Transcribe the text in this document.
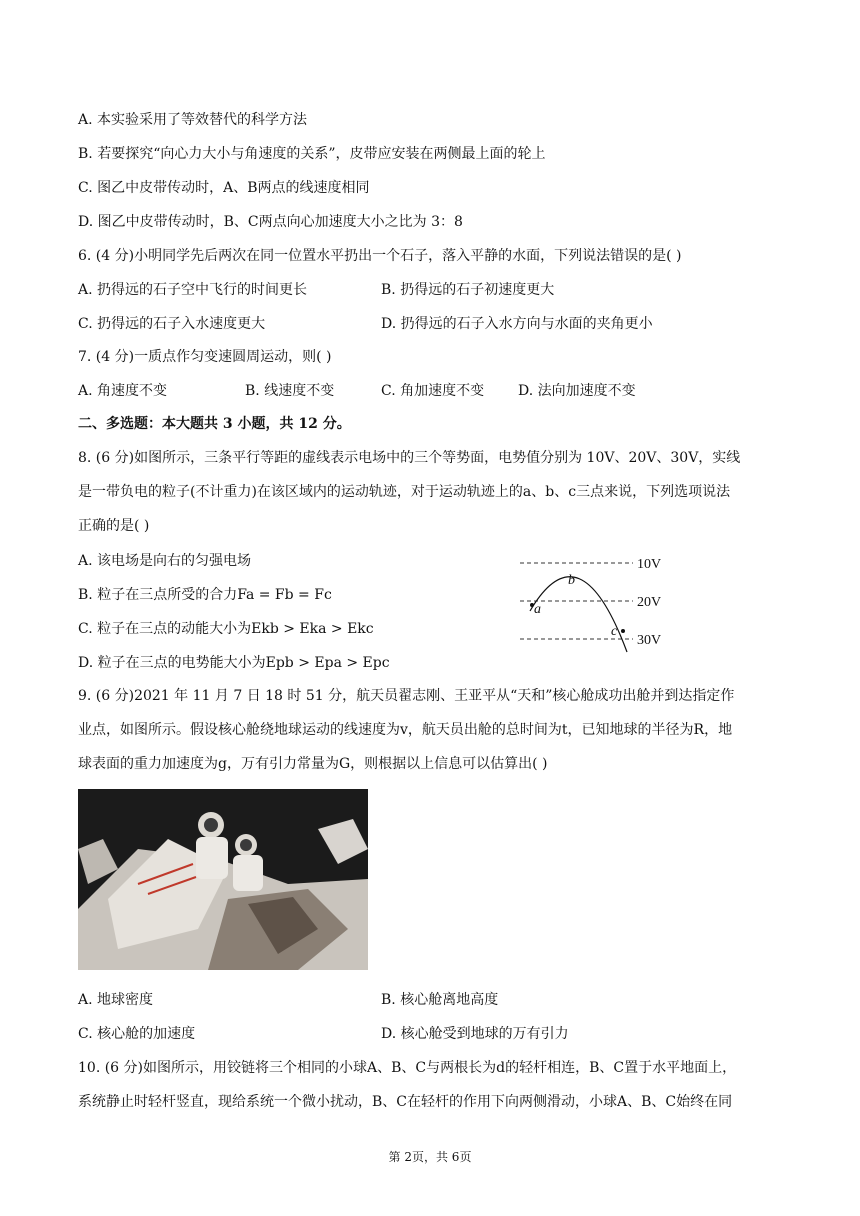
A. 本实验采用了等效替代的科学方法
B. 若要探究“向心力大小与角速度的关系”，皮带应安装在两侧最上面的轮上
C. 图乙中皮带传动时，A、B两点的线速度相同
D. 图乙中皮带传动时，B、C两点向心加速度大小之比为 3：8
6. (4 分)小明同学先后两次在同一位置水平扔出一个石子，落入平静的水面，下列说法错误的是( )
A. 扔得远的石子空中飞行的时间更长	B. 扔得远的石子初速度更大
C. 扔得远的石子入水速度更大	D. 扔得远的石子入水方向与水面的夹角更小
7. (4 分)一质点作匀变速圆周运动，则( )
A. 角速度不变	B. 线速度不变	C. 角加速度不变 D. 法向加速度不变
二、多选题：本大题共 3 小题，共 12 分。
8. (6 分)如图所示，三条平行等距的虚线表示电场中的三个等势面，电势值分别为 10V、20V、30V，实线
是一带负电的粒子(不计重力)在该区域内的运动轨迹，对于运动轨迹上的a、b、c三点来说，下列选项说法
正确的是( )
A. 该电场是向右的匀强电场
B. 粒子在三点所受的合力Fa = Fb = Fc
C. 粒子在三点的动能大小为Ekb > Eka > Ekc
D. 粒子在三点的电势能大小为Epb > Epa > Epc
10V
20V
30V
a
b
c
9. (6 分)2021 年 11 月 7 日 18 时 51 分，航天员翟志刚、王亚平从“天和”核心舱成功出舱并到达指定作
业点，如图所示。假设核心舱绕地球运动的线速度为v，航天员出舱的总时间为t，已知地球的半径为R，地
A. 地球密度	B. 核心舱离地高度
C. 核心舱的加速度	D. 核心舱受到地球的万有引力
10. (6 分)如图所示，用铰链将三个相同的小球A、B、C与两根长为d的轻杆相连，B、C置于水平地面上，
系统静止时轻杆竖直，现给系统一个微小扰动，B、C在轻杆的作用下向两侧滑动，小球A、B、C始终在同
第 2页，共 6页
球表面的重力加速度为g，万有引力常量为G，则根据以上信息可以估算出( )
